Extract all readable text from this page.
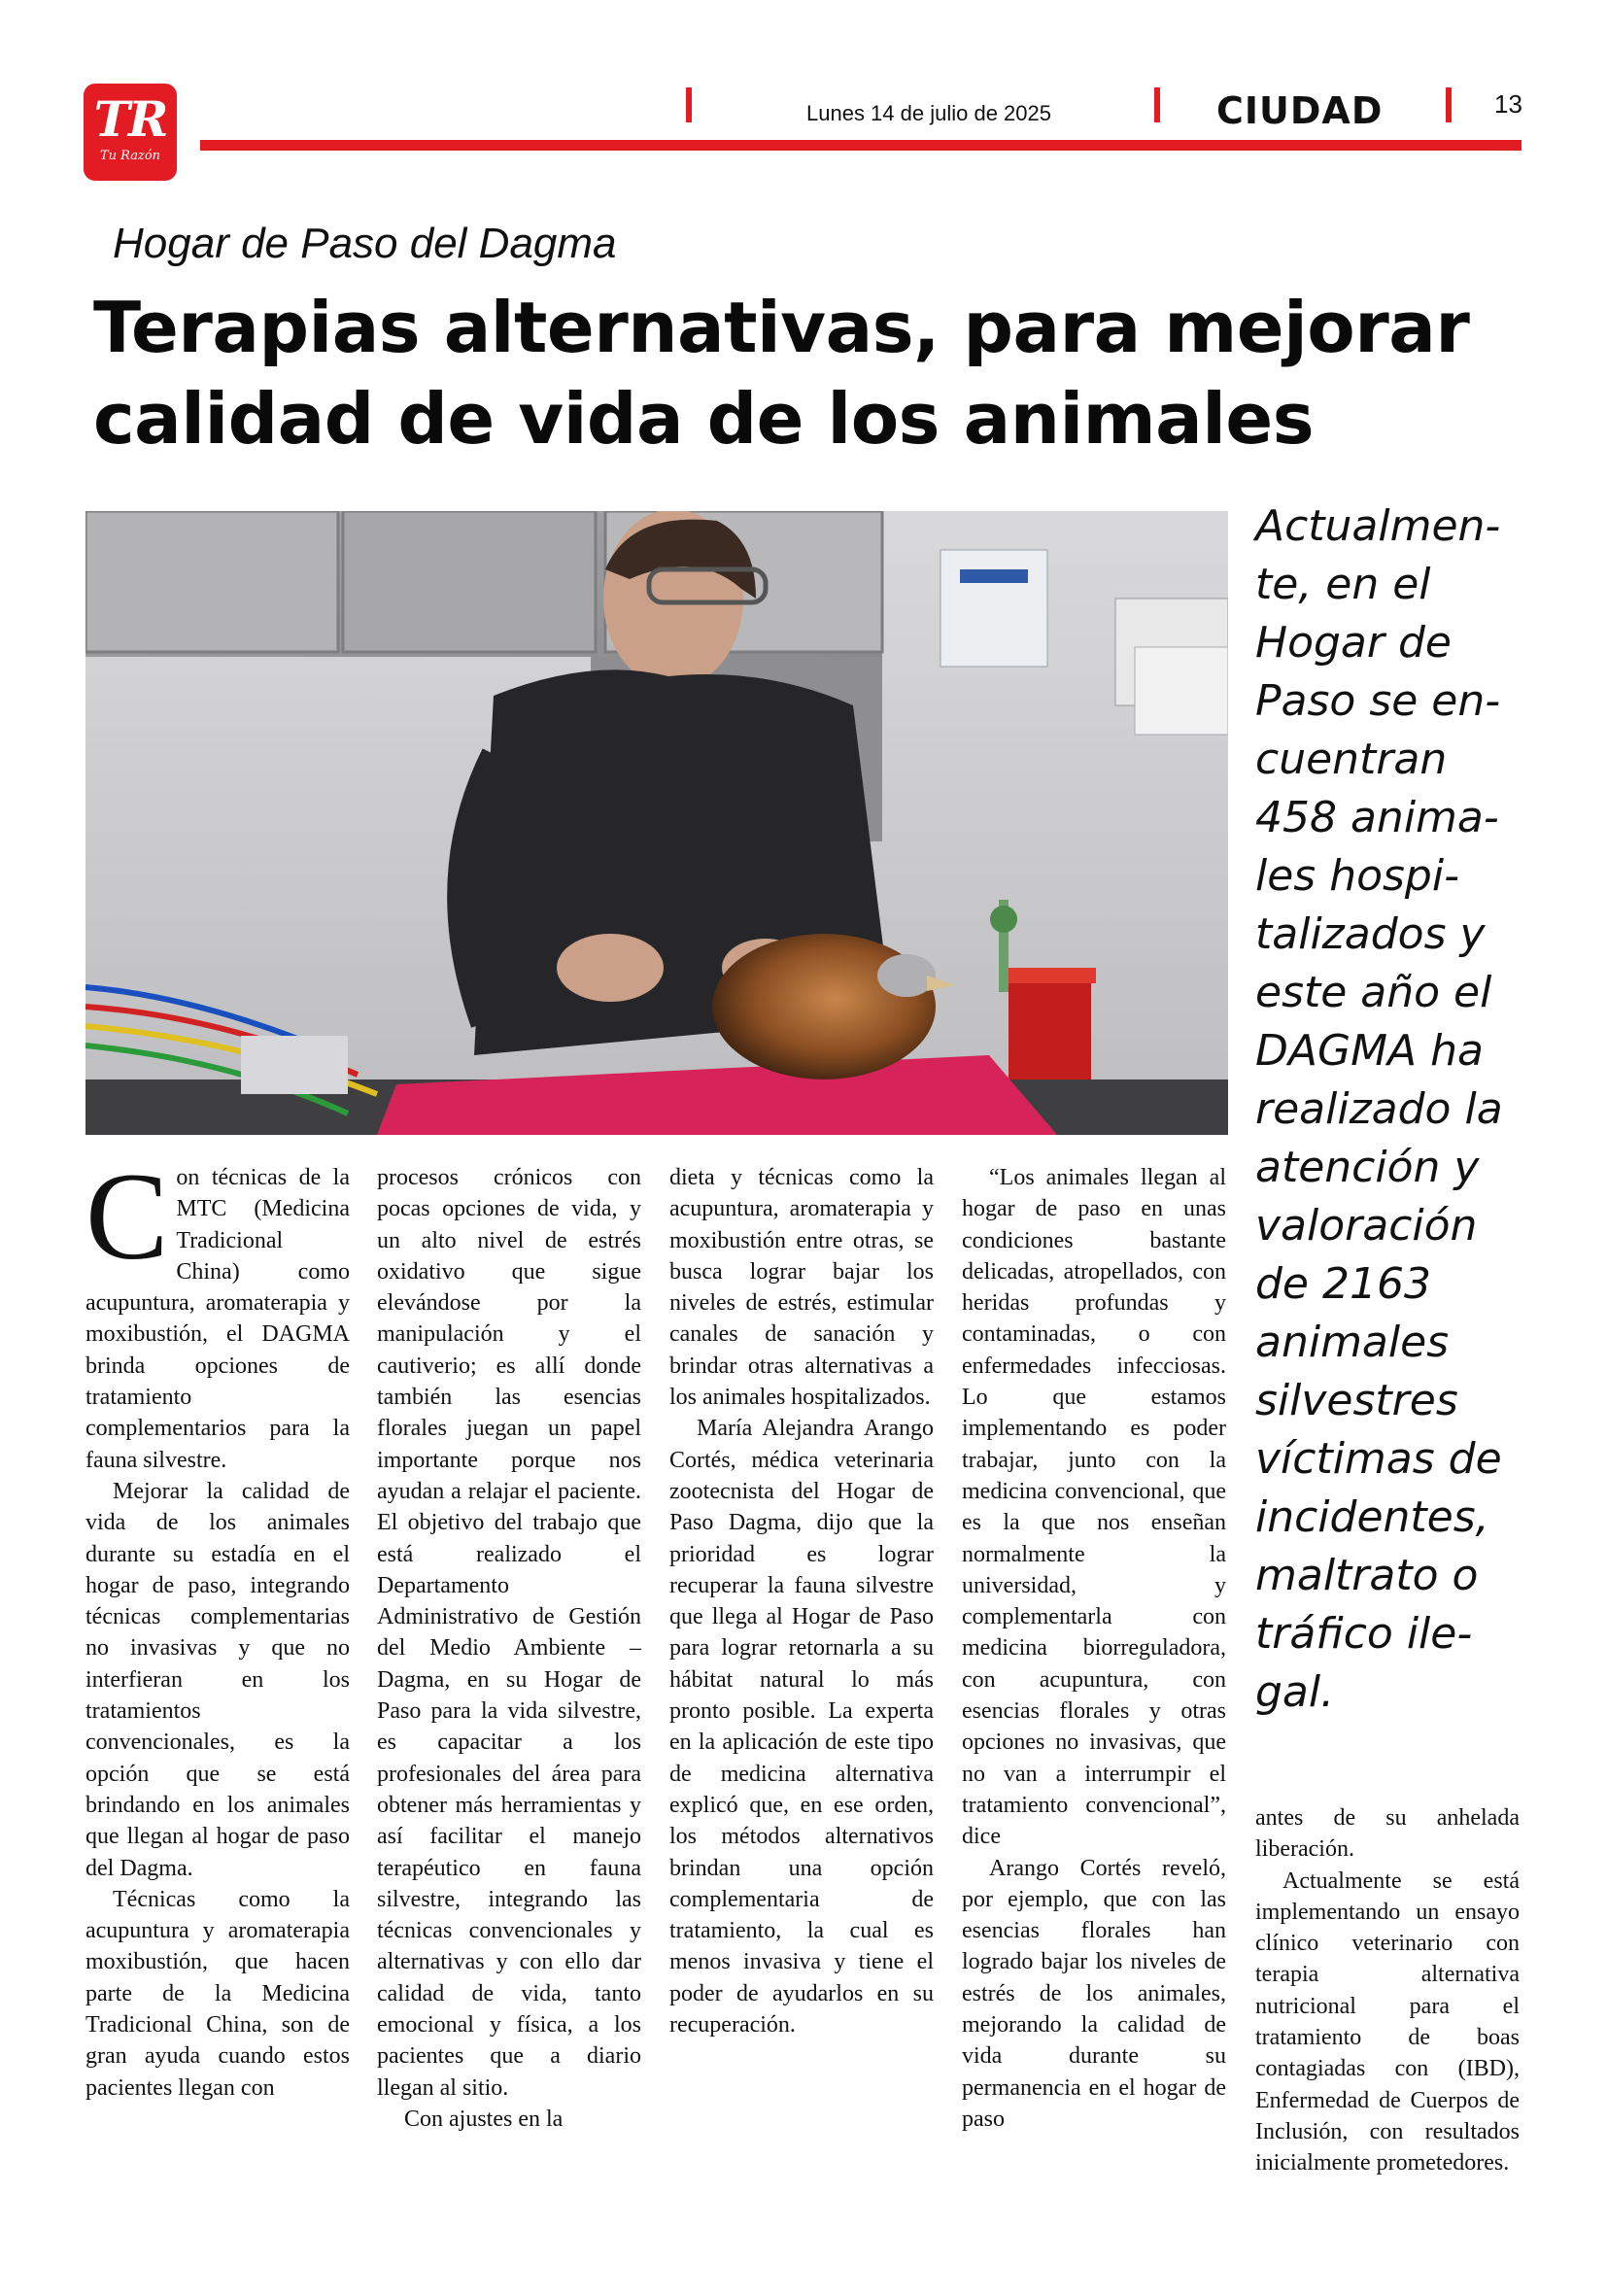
TR
Tu Razón
Lunes 14 de julio de 2025	CIUDAD	13
Hogar de Paso del Dagma
Terapias alternativas, para mejorar calidad de vida de los animales
Actualmen-te, en el Hogar de Paso se en-cuentran 458 anima-les hospi-talizados y este año el DAGMA ha realizado la atención y valoración de 2163 animales silvestres víctimas de incidentes, maltrato o tráfico ile-gal.
C on técnicas de la MTC (Medicina Tradicional China) como acupuntura, aromaterapia y moxibustión, el DAGMA brinda opciones de tratamiento complementarios para la fauna silvestre.

Mejorar la calidad de vida de los animales durante su estadía en el hogar de paso, integrando técnicas complementarias no invasivas y que no interfieran en los tratamientos convencionales, es la opción que se está brindando en los animales que llegan al hogar de paso del Dagma.

Técnicas como la acupuntura y aromaterapia moxibustión, que hacen parte de la Medicina Tradicional China, son de gran ayuda cuando estos pacientes llegan con

procesos crónicos con pocas opciones de vida, y un alto nivel de estrés oxidativo que sigue elevándose por la manipulación y el cautiverio; es allí donde también las esencias florales juegan un papel importante porque nos ayudan a relajar el paciente. El objetivo del trabajo que está realizado el Departamento Administrativo de Gestión del Medio Ambiente – Dagma, en su Hogar de Paso para la vida silvestre, es capacitar a los profesionales del área para obtener más herramientas y así facilitar el manejo terapéutico en fauna silvestre, integrando las técnicas convencionales y alternativas y con ello dar calidad de vida, tanto emocional y física, a los pacientes que a diario llegan al sitio.

Con ajustes en la

dieta y técnicas como la acupuntura, aromaterapia y moxibustión entre otras, se busca lograr bajar los niveles de estrés, estimular canales de sanación y brindar otras alternativas a los animales hospitalizados.

María Alejandra Arango Cortés, médica veterinaria zootecnista del Hogar de Paso Dagma, dijo que la prioridad es lograr recuperar la fauna silvestre que llega al Hogar de Paso para lograr retornarla a su hábitat natural lo más pronto posible. La experta en la aplicación de este tipo de medicina alternativa explicó que, en ese orden, los métodos alternativos brindan una opción complementaria de tratamiento, la cual es menos invasiva y tiene el poder de ayudarlos en su recuperación.

“Los animales llegan al hogar de paso en unas condiciones bastante delicadas, atropellados, con heridas profundas y contaminadas, o con enfermedades infecciosas. Lo que estamos implementando es poder trabajar, junto con la medicina convencional, que es la que nos enseñan normalmente la universidad, y complementarla con medicina biorreguladora, con acupuntura, con esencias florales y otras opciones no invasivas, que no van a interrumpir el tratamiento convencional”, dice

Arango Cortés reveló, por ejemplo, que con las esencias florales han logrado bajar los niveles de estrés de los animales, mejorando la calidad de vida durante su permanencia en el hogar de paso

antes de su anhelada liberación.

Actualmente se está implementando un ensayo clínico veterinario con terapia alternativa nutricional para el tratamiento de boas contagiadas con (IBD), Enfermedad de Cuerpos de Inclusión, con resultados inicialmente prometedores.
